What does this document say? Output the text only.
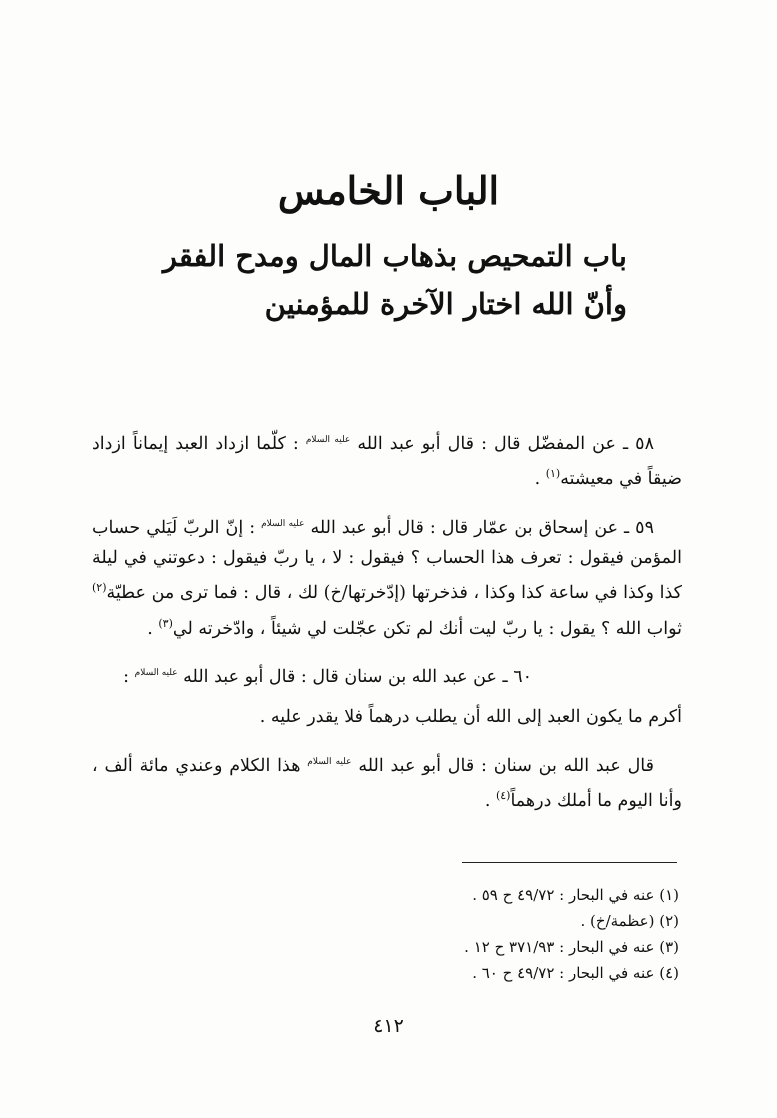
الباب الخامس
باب التمحيص بذهاب المال ومدح الفقر
وأنّ الله اختار الآخرة للمؤمنين

٥٨ ـ عن المفضّل قال : قال أبو عبد الله $^{عليه السلام}$ : كلّما ازداد العبد إيماناً ازداد ضيقاً في معيشته$^{(١)}$ .

٥٩ ـ عن إسحاق بن عمّار قال : قال أبو عبد الله $^{عليه السلام}$ : إنّ الربّ لَيَلي حساب المؤمن فيقول : تعرف هذا الحساب ؟ فيقول : لا ، يا ربّ فيقول : دعوتني في ليلة كذا وكذا في ساعة كذا وكذا ، فذخرتها (إدّخرتها/خ) لك ، قال : فما ترى من عطيّة$^{(٢)}$ ثواب الله ؟ يقول : يا ربّ ليت أنك لم تكن عجّلت لي شيئاً ، وادّخرته لي$^{(٣)}$ .

٦٠ ـ عن عبد الله بن سنان قال : قال أبو عبد الله $^{عليه السلام}$ :

أكرم ما يكون العبد إلى الله أن يطلب درهماً فلا يقدر عليه .

قال عبد الله بن سنان : قال أبو عبد الله $^{عليه السلام}$ هذا الكلام وعندي مائة ألف ، وأنا اليوم ما أملك درهماً$^{(٤)}$ .

(١) عنه في البحار : ٤٩/٧٢ ح ٥٩ .
(٢) (عظمة/خ) .
(٣) عنه في البحار : ٣٧١/٩٣ ح ١٢ .
(٤) عنه في البحار : ٤٩/٧٢ ح ٦٠ .
٤١٢
